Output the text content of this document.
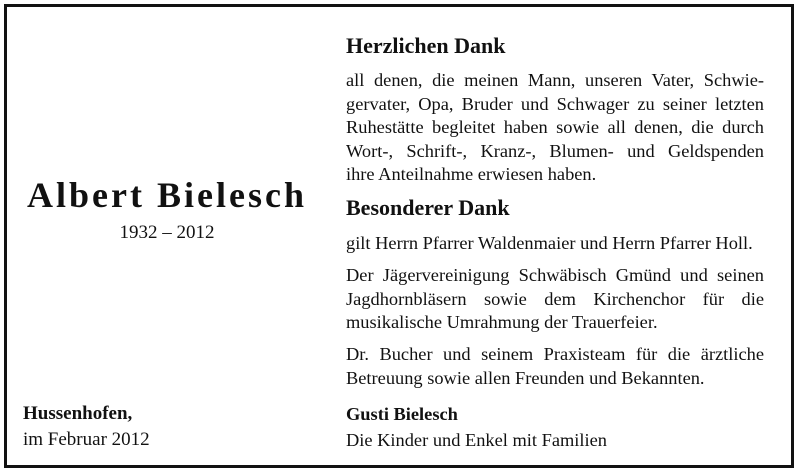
Albert Bielesch
1932 – 2012
Hussenhofen,
im Februar 2012
Herzlichen Dank
all denen, die meinen Mann, unseren Vater, Schwie-
gervater, Opa, Bruder und Schwager zu seiner letzten
Ruhestätte begleitet haben sowie all denen, die durch
Wort-, Schrift-, Kranz-, Blumen- und Geldspenden
ihre Anteilnahme erwiesen haben.
Besonderer Dank
gilt Herrn Pfarrer Waldenmaier und Herrn Pfarrer Holl.
Der Jägervereinigung Schwäbisch Gmünd und seinen
Jagdhornbläsern sowie dem Kirchenchor für die
musikalische Umrahmung der Trauerfeier.
Dr. Bucher und seinem Praxisteam für die ärztliche
Betreuung sowie allen Freunden und Bekannten.
Gusti Bielesch
Die Kinder und Enkel mit Familien
